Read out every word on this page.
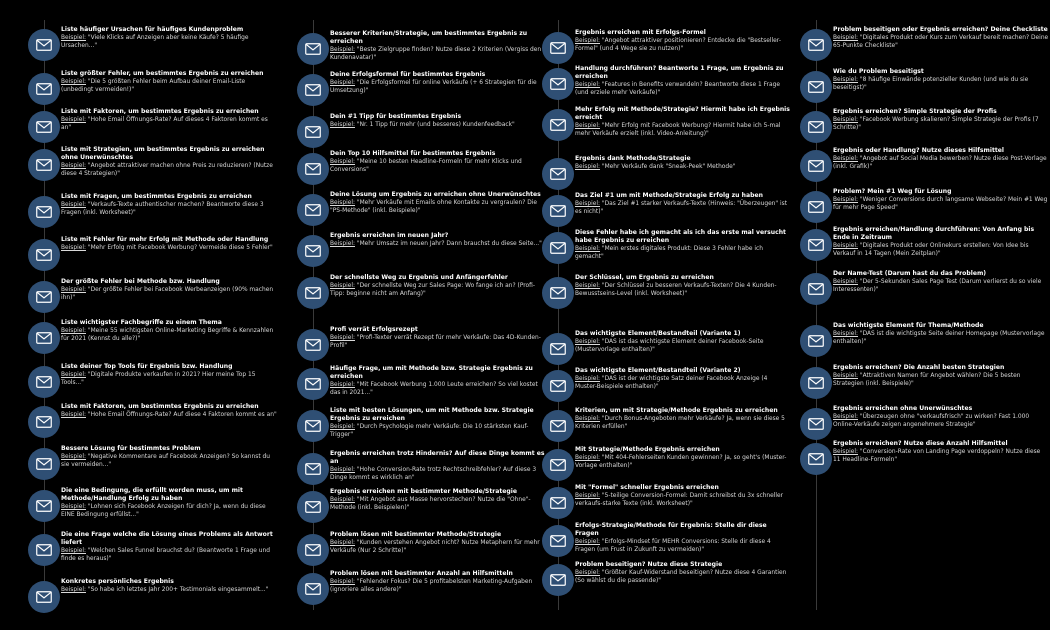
Liste häufiger Ursachen für häufiges Kundenproblem
Beispiel: "Viele Klicks auf Anzeigen aber keine Käufe? 5 häufige Ursachen..."
Liste größter Fehler, um bestimmtes Ergebnis zu erreichen
Beispiel: "Die 5 größten Fehler beim Aufbau deiner Email-Liste (unbedingt vermeiden!)"
Liste mit Faktoren, um bestimmtes Ergebnis zu erreichen
Beispiel: "Hohe Email Öffnungs-Rate? Auf dieses 4 Faktoren kommt es an"
Liste mit Strategien, um bestimmtes Ergebnis zu erreichen ohne Unerwünschtes
Beispiel: "Angebot attraktiver machen ohne Preis zu reduzieren? (Nutze diese 4 Strategien)"
Liste mit Fragen, um bestimmtes Ergebnis zu erreichen
Beispiel: "Verkaufs-Texte authentischer machen? Beantworte diese 3 Fragen (inkl. Worksheet)"
Liste mit Fehler für mehr Erfolg mit Methode oder Handlung
Beispiel: "Mehr Erfolg mit Facebook Werbung? Vermeide diese 5 Fehler"
Der größte Fehler bei Methode bzw. Handlung
Beispiel: "Der größte Fehler bei Facebook Werbeanzeigen (90% machen ihn)"
Liste wichtigster Fachbegriffe zu einem Thema
Beispiel: "Meine 55 wichtigsten Online-Marketing Begriffe & Kennzahlen für 2021 (Kennst du alle?)"
Liste deiner Top Tools für Ergebnis bzw. Handlung
Beispiel: "Digitale Produkte verkaufen in 2021? Hier meine Top 15 Tools..."
Liste mit Faktoren, um bestimmtes Ergebnis zu erreichen
Beispiel: "Hohe Email Öffnungs-Rate? Auf diese 4 Faktoren kommt es an"
Bessere Lösung für bestimmtes Problem
Beispiel: "Negative Kommentare auf Facebook Anzeigen? So kannst du sie vermeiden..."
Die eine Bedingung, die erfüllt werden muss, um mit Methode/Handlung Erfolg zu haben
Beispiel: "Lohnen sich Facebook Anzeigen für dich? Ja, wenn du diese EINE Bedingung erfüllst..."
Die eine Frage welche die Lösung eines Problems als Antwort liefert
Beispiel: "Welchen Sales Funnel brauchst du? (Beantworte 1 Frage und finde es heraus)"
Konkretes persönliches Ergebnis
Beispiel: "So habe ich letztes Jahr 200+ Testimonials eingesammelt..."
Besserer Kriterien/Strategie, um bestimmtes Ergebnis zu erreichen
Beispiel: "Beste Zielgruppe finden? Nutze diese 2 Kriterien (Vergiss den Kundenavatar)"
Deine Erfolgsformel für bestimmtes Ergebnis
Beispiel: "Die Erfolgsformel für online Verkäufe (+ 6 Strategien für die Umsetzung)"
Dein #1 Tipp für bestimmtes Ergebnis
Beispiel: "Nr. 1 Tipp für mehr (und besseres) Kundenfeedback"
Dein Top 10 Hilfsmittel für bestimmtes Ergebnis
Beispiel: "Meine 10 besten Headline-Formeln für mehr Klicks und Conversions"
Deine Lösung um Ergebnis zu erreichen ohne Unerwünschtes
Beispiel: "Mehr Verkäufe mit Emails ohne Kontakte zu vergraulen? Die "PS-Methode" (inkl. Beispiele)"
Ergebnis erreichen im neuen Jahr?
Beispiel: "Mehr Umsatz im neuen Jahr? Dann brauchst du diese Seite..."
Der schnellste Weg zu Ergebnis und Anfängerfehler
Beispiel: "Der schnellste Weg zur Sales Page: Wo fange ich an? (Profi-Tipp: beginne nicht am Anfang)"
Profi verrät Erfolgsrezept
Beispiel: "Profi-Texter verrät Rezept für mehr Verkäufe: Das 4D-Kunden-Profil"
Häufige Frage, um mit Methode bzw. Strategie Ergebnis zu erreichen
Beispiel: "Mit Facebook Werbung 1.000 Leute erreichen? So viel kostet das in 2021..."
Liste mit besten Lösungen, um mit Methode bzw. Strategie Ergebnis zu erreichen
Beispiel: "Durch Psychologie mehr Verkäufe: Die 10 stärksten Kauf-Trigger"
Ergebnis erreichen trotz Hindernis? Auf diese Dinge kommt es an
Beispiel: "Hohe Conversion-Rate trotz Rechtschreibfehler? Auf diese 3 Dinge kommt es wirklich an"
Ergebnis erreichen mit bestimmter Methode/Strategie
Beispiel: "Mit Angebot aus Masse hervorstechen? Nutze die "Ohne"-Methode (inkl. Beispielen)"
Problem lösen mit bestimmter Methode/Strategie
Beispiel: "Kunden verstehen Angebot nicht? Nutze Metaphern für mehr Verkäufe (Nur 2 Schritte)"
Problem lösen mit bestimmter Anzahl an Hilfsmitteln
Beispiel: "Fehlender Fokus? Die 5 profitabelsten Marketing-Aufgaben (ignoriere alles andere)"
Ergebnis erreichen mit Erfolgs-Formel
Beispiel: "Angebot attraktiver positionieren? Entdecke die "Bestseller-Formel" (und 4 Wege sie zu nutzen)"
Handlung durchführen? Beantworte 1 Frage, um Ergebnis zu erreichen
Beispiel: "Features in Benefits verwandeln? Beantworte diese 1 Frage (und erziele mehr Verkäufe)"
Mehr Erfolg mit Methode/Strategie? Hiermit habe ich Ergebnis erreicht
Beispiel: "Mehr Erfolg mit Facebook Werbung? Hiermit habe ich 5-mal mehr Verkäufe erzielt (inkl. Video-Anleitung)"
Ergebnis dank Methode/Strategie
Beispiel: "Mehr Verkäufe dank "Sneak-Peek" Methode"
Das Ziel #1 um mit Methode/Strategie Erfolg zu haben
Beispiel: "Das Ziel #1 starker Verkaufs-Texte (Hinweis: "Überzeugen" ist es nicht)"
Diese Fehler habe ich gemacht als ich das erste mal versucht habe Ergebnis zu erreichen
Beispiel: "Mein erstes digitales Produkt: Diese 3 Fehler habe ich gemacht"
Der Schlüssel, um Ergebnis zu erreichen
Beispiel: "Der Schlüssel zu besseren Verkaufs-Texten? Die 4 Kunden-Bewusstseins-Level (inkl. Worksheet)"
Das wichtigste Element/Bestandteil (Variante 1)
Beispiel: "DAS ist das wichtigste Element deiner Facebook-Seite (Mustervorlage enthalten)"
Das wichtigste Element/Bestandteil (Variante 2)
Beispiel: "DAS ist der wichtigste Satz deiner Facebook Anzeige (4 Muster-Beispiele enthalten)"
Kriterien, um mit Strategie/Methode Ergebnis zu erreichen
Beispiel: "Durch Bonus-Angeboten mehr Verkäufe? Ja, wenn sie diese 5 Kriterien erfüllen"
Mit Strategie/Methode Ergebnis erreichen
Beispiel: "Mit 404-Fehlerseiten Kunden gewinnen? Ja, so geht's (Muster-Vorlage enthalten)"
Mit "Formel" schneller Ergebnis erreichen
Beispiel: "5-teilige Conversion-Formel: Damit schreibst du 3x schneller verkaufs-starke Texte (inkl. Worksheet)"
Erfolgs-Strategie/Methode für Ergebnis: Stelle dir diese Fragen
Beispiel: "Erfolgs-Mindset für MEHR Conversions: Stelle dir diese 4 Fragen (um Frust in Zukunft zu vermeiden)"
Problem beseitigen? Nutze diese Strategie
Beispiel: "Größter Kauf-Widerstand beseitigen? Nutze diese 4 Garantien (So wählst du die passende)"
Problem beseitigen oder Ergebnis erreichen? Deine Checkliste
Beispiel: "Digitales Produkt oder Kurs zum Verkauf bereit machen? Deine 65-Punkte Checkliste"
Wie du Problem beseitigst
Beispiel: "8 häufige Einwände potenzieller Kunden (und wie du sie beseitigst)"
Ergebnis erreichen? Simple Strategie der Profis
Beispiel: "Facebook Werbung skalieren? Simple Strategie der Profis (7 Schritte)"
Ergebnis oder Handlung? Nutze dieses Hilfsmittel
Beispiel: "Angebot auf Social Media bewerben? Nutze diese Post-Vorlage (inkl. Grafik)"
Problem? Mein #1 Weg für Lösung
Beispiel: "Weniger Conversions durch langsame Webseite? Mein #1 Weg für mehr Page Speed"
Ergebnis erreichen/Handlung durchführen: Von Anfang bis Ende in Zeitraum
Beispiel: "Digitales Produkt oder Onlinekurs erstellen: Von Idee bis Verkauf in 14 Tagen (Mein Zeitplan)"
Der Name-Test (Darum hast du das Problem)
Beispiel: "Der 5-Sekunden Sales Page Test (Darum verlierst du so viele Interessenten)"
Das wichtigste Element für Thema/Methode
Beispiel: "DAS ist die wichtigste Seite deiner Homepage (Mustervorlage enthalten)"
Ergebnis erreichen? Die Anzahl besten Strategien
Beispiel: "Attraktiven Namen für Angebot wählen? Die 5 besten Strategien (inkl. Beispiele)"
Ergebnis erreichen ohne Unerwünschtes
Beispiel: "Überzeugen ohne "verkaufsfrisch" zu wirken? Fast 1.000 Online-Verkäufe zeigen angenehmere Strategie"
Ergebnis erreichen? Nutze diese Anzahl Hilfsmittel
Beispiel: "Conversion-Rate von Landing Page verdoppeln? Nutze diese 11 Headline-Formeln"
